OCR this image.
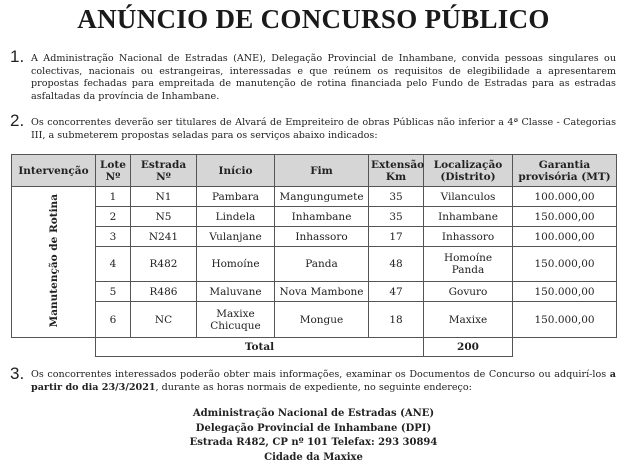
ANÚNCIO DE CONCURSO PÚBLICO
1. A Administração Nacional de Estradas (ANE), Delegação Provincial de Inhambane, convida pessoas singulares ou colectivas, nacionais ou estrangeiras, interessadas e que reúnem os requisitos de elegibilidade a apresentarem propostas fechadas para empreitada de manutenção de rotina financiada pelo Fundo de Estradas para as estradas asfaltadas da província de Inhambane.
2. Os concorrentes deverão ser titulares de Alvará de Empreiteiro de obras Públicas não inferior a 4ª Classe - Categorias III, a submeterem propostas seladas para os serviços abaixo indicados:
Intervenção	Lote Nº	Estrada Nº	Início	Fim	Extensão Km	Localização (Distrito)	Garantia provisória (MT)
Manutenção de Rotina	1	N1	Pambara	Mangungumete	35	Vilanculos	100.000,00
	2	N5	Lindela	Inhambane	35	Inhambane	150.000,00
	3	N241	Vulanjane	Inhassoro	17	Inhassoro	100.000,00
	4	R482	Homoíne	Panda	48	Homoíne Panda	150.000,00
	5	R486	Maluvane	Nova Mambone	47	Govuro	150.000,00
	6	NC	Maxixe Chicuque	Mongue	18	Maxixe	150.000,00
	Total					200	
3. Os concorrentes interessados poderão obter mais informações, examinar os Documentos de Concurso ou adquirí-los a partir do dia 23/3/2021, durante as horas normais de expediente, no seguinte endereço:
Administração Nacional de Estradas (ANE)
Delegação Provincial de Inhambane (DPI)
Estrada R482, CP nº 101 Telefax: 293 30894
Cidade da Maxixe
